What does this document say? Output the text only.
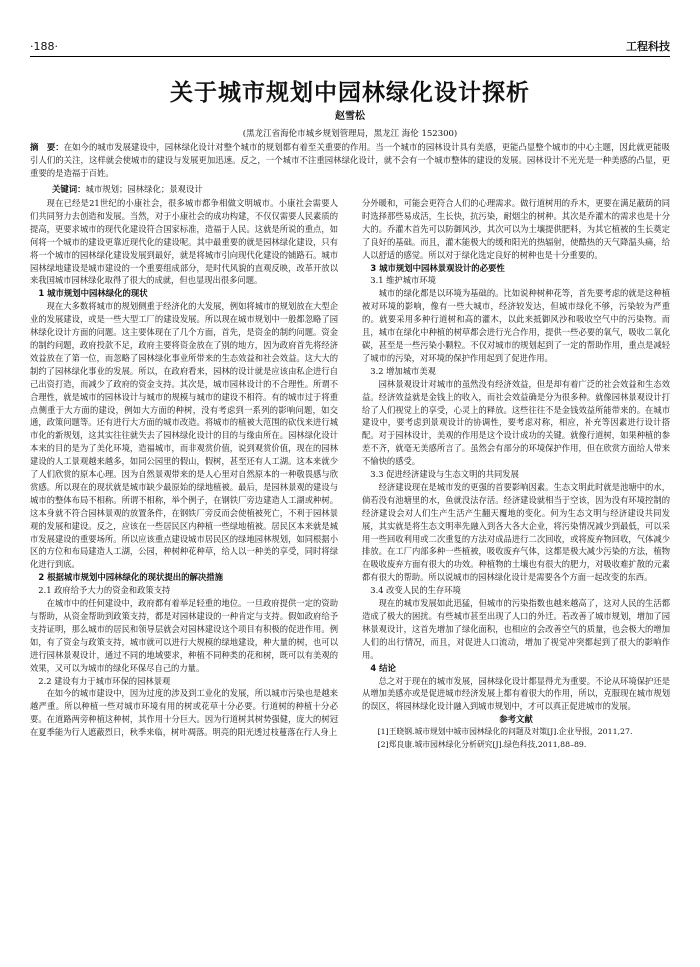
·188·	工程科技
关于城市规划中园林绿化设计探析
赵雪松
(黑龙江省海伦市城乡规划管理局，黑龙江 海伦 152300)
摘　要：在如今的城市发展建设中，园林绿化设计对整个城市的规划都有着至关重要的作用。当一个城市的园林设计具有美感，更能凸显整个城市的中心主题，因此就更能吸引人们的关注，这样就会使城市的建设与发展更加迅速。反之，一个城市不注重园林绿化设计，就不会有一个城市整体的建设的发展。园林设计不光光是一种美感的凸显，更重要的是造福于百姓。
关键词：城市规划；园林绿化；景观设计

现在已经是21世纪的小康社会，很多城市都争相做文明城市。小康社会需要人们共同努力去创造和发展。当然，对于小康社会的成功构建，不仅仅需要人民素质的提高，更要求城市的现代化建设符合国家标准，造福于人民。这就是所说的重点，如何将一个城市的建设更靠近现代化的建设呢。其中最重要的就是园林绿化建设，只有将一个城市的园林绿化建设发展到最好，就是将城市引向现代化建设的铺路石。城市园林绿地建设是城市建设的一个重要组成部分，是时代风貌的直观反映，改革开放以来我国城市园林绿化取得了很大的成就，但也显现出很多问题。

1 城市规划中园林绿化的现状

现在大多数将城市的规划侧重于经济化的大发展，例如将城市的规划放在大型企业的发展建设，或是一些大型工厂的建设发展。所以现在城市规划中一般都忽略了园林绿化设计方面的问题。这主要体现在了几个方面，首先，是资金的制约问题。资金的制约问题，政府投款不足，政府主要将资金放在了别的地方，因为政府首先将经济效益放在了第一位，而忽略了园林绿化事业所带来的生态效益和社会效益。这大大的制约了园林绿化事业的发展。所以，在政府看来，园林的设计就是应该由私企进行自己出资打造，而减少了政府的资金支持。其次是，城市园林设计的不合理性。所谓不合理性，就是城市的园林设计与城市的规模与城市的建设不相符。有的城市过于将重点侧重于大方面的建设，例如大方面的种树，没有考虑到一系列的影响问题，如交通，政策问题等。还有进行大方面的城市改造。将城市的植被大范围的砍伐来进行城市化的新规划，这其实往往就失去了园林绿化设计的目的与缘由所在。园林绿化设计本来的目的是为了美化环境，造福城市，而非观赏价值，说到观赏价值，现在的园林建设的人工景观越来越多，如同公园里的假山，假树，甚至还有人工湖。这本来就少了人们欣赏的原本心理。因为自然景观带来的是人心里对自然原本的一种敬畏感与欣赏感。所以现在的现状就是城市缺少最原始的绿地植被。最后，是园林景观的建设与城市的整体布局不相称。所谓不相称，举个例子，在钢铁厂旁边建造人工湖或种树。这本身就不符合园林景观的放置条件，在钢铁厂旁反而会使植被死亡，不利于园林景观的发展和建设。反之，应该在一些居民区内种植一些绿地植被。居民区本来就是城市发展建设的重要场所。所以应该重点建设城市居民区的绿地园林规划，如同根据小区的方位和布局建造人工湖，公园，种树种花种草，给人以一种美的享受，同时将绿化进行到底。

2 根据城市规划中园林绿化的现状提出的解决措施
2.1 政府给予大力的资金和政策支持

在城市中的任何建设中，政府都有着举足轻重的地位。一旦政府提供一定的资助与帮助，从资金帮助到政策支持，都是对园林建设的一种肯定与支持。假如政府给予支持证明，那么城市的居民和领导层就会对园林建设这个项目有积极的促进作用。例如，有了资金与政策支持，城市就可以进行大规模的绿地建设，种大量的树，也可以进行园林景观设计，通过不同的地域要求，种植不同种类的花和树，既可以有美观的效果，又可以为城市的绿化环保尽自己的力量。

2.2 建设有力于城市环保的园林景观

在如今的城市建设中，因为过度的涉及到工业化的发展，所以城市污染也是越来越严重。所以种植一些对城市环境有用的树或花草十分必要。行道树的种植十分必要。在道路两旁种植这种树，其作用十分巨大。因为行道树其树势强健，庞大的树冠在夏季能为行人遮蔽烈日，秋季来临，树叶凋落。明亮的阳光透过枝蔓落在行人身上

分外暖和，可能会更符合人们的心理需求。做行道树用的乔木，更要在满足蔽荫的同时选择那些易成活，生长快，抗污染，耐烟尘的树种。其次是乔灌木的需求也是十分大的。乔灌木首先可以防御风沙，其次可以为土壤提供肥料，为其它植被的生长奠定了良好的基础。而且，灌木能极大的缓和阳光的热辐射，使酷热的天气降温头痛，给人以舒适的感觉。所以对于绿化选定良好的树种也是十分重要的。

3 城市规划中园林景观设计的必要性
3.1 维护城市环境

城市的绿化都是以环境为基础的。比如说种树种花等，首先要考虑的就是这种植被对环境的影响，像有一些大城市，经济较发达，但城市绿化不够，污染较为严重的。就要采用多种行道树和高的灌木，以此来抵御风沙和吸收空气中的污染物。而且，城市在绿化中种植的树草都会进行光合作用，提供一些必要的氧气，吸收二氧化碳，甚至是一些污染小颗粒。不仅对城市的规划起到了一定的帮助作用，重点是减轻了城市的污染，对环境的保护作用起到了促进作用。

3.2 增加城市美观

园林景观设计对城市的虽然没有经济效益，但是却有着广泛的社会效益和生态效益。经济效益就是金钱上的收入，而社会效益确是分为很多种。就像园林景观设计打给了人们视觉上的享受，心灵上的释放。这些往往不是金钱效益所能带来的。在城市建设中，要考虑到景观设计的协调性，要考虑对称，相应，补充等因素进行设计搭配。对于园林设计，美观的作用是这个设计成功的关键。就像行道树，如果种植的参差不齐，就毫无美感所言了。虽然会有部分的环境保护作用，但在欣赏方面给人带来不愉快的感受。

3.3 促进经济建设与生态文明的共同发展

经济建设现在是城市发的更强的首要影响因素。生态文明此时就是池塘中的水，倘若没有池塘里的水，鱼就没法存活。经济建设就相当于空该，因为没有环境控制的经济建设会对人们生产生活产生翻天覆地的变化。何为生态文明与经济建设共同发展，其实就是将生态文明率先融入到各大各大企业，将污染情况减少到最低，可以采用一些回收利用或二次重复的方法对成品进行二次回收，或将废弃物回收，气体减少排放。在工厂内部多种一些植被，吸收废弃气体，这都是极大减少污染的方法，植物在吸收废弃方面有很大的功效。种植物的土壤也有很大的肥力，对吸收难扩散的元素都有很大的帮助。所以说城市的园林绿化设计是需要各个方面一起改变的东西。

3.4 改变人民的生存环境

现在的城市发展如此迅猛，但城市的污染指数也越来越高了，这对人民的生活都造成了极大的困扰。有些城市甚至出现了人口的外迁。若改善了城市规划，增加了园林景观设计，这首先增加了绿化面积，也相应的会改善空气的质量，也会极大的增加人们的出行情况，而且，对促进人口流动，增加了视觉冲突都起到了很大的影响作用。

4 结论

总之对于现在的城市发展，园林绿化设计都显得尤为重要。不论从环境保护还是从增加美感亦或是促进城市经济发展上都有着很大的作用，所以，克服现在城市规划的误区，将园林绿化设计融入到城市规划中，才可以真正促进城市的发展。

参考文献

[1]王晓钢.城市规划中城市园林绿化的问题及对策[J].企业导报，2011,27.

[2]郑良康.城市园林绿化分析研究[J].绿色科技,2011,88–89.
